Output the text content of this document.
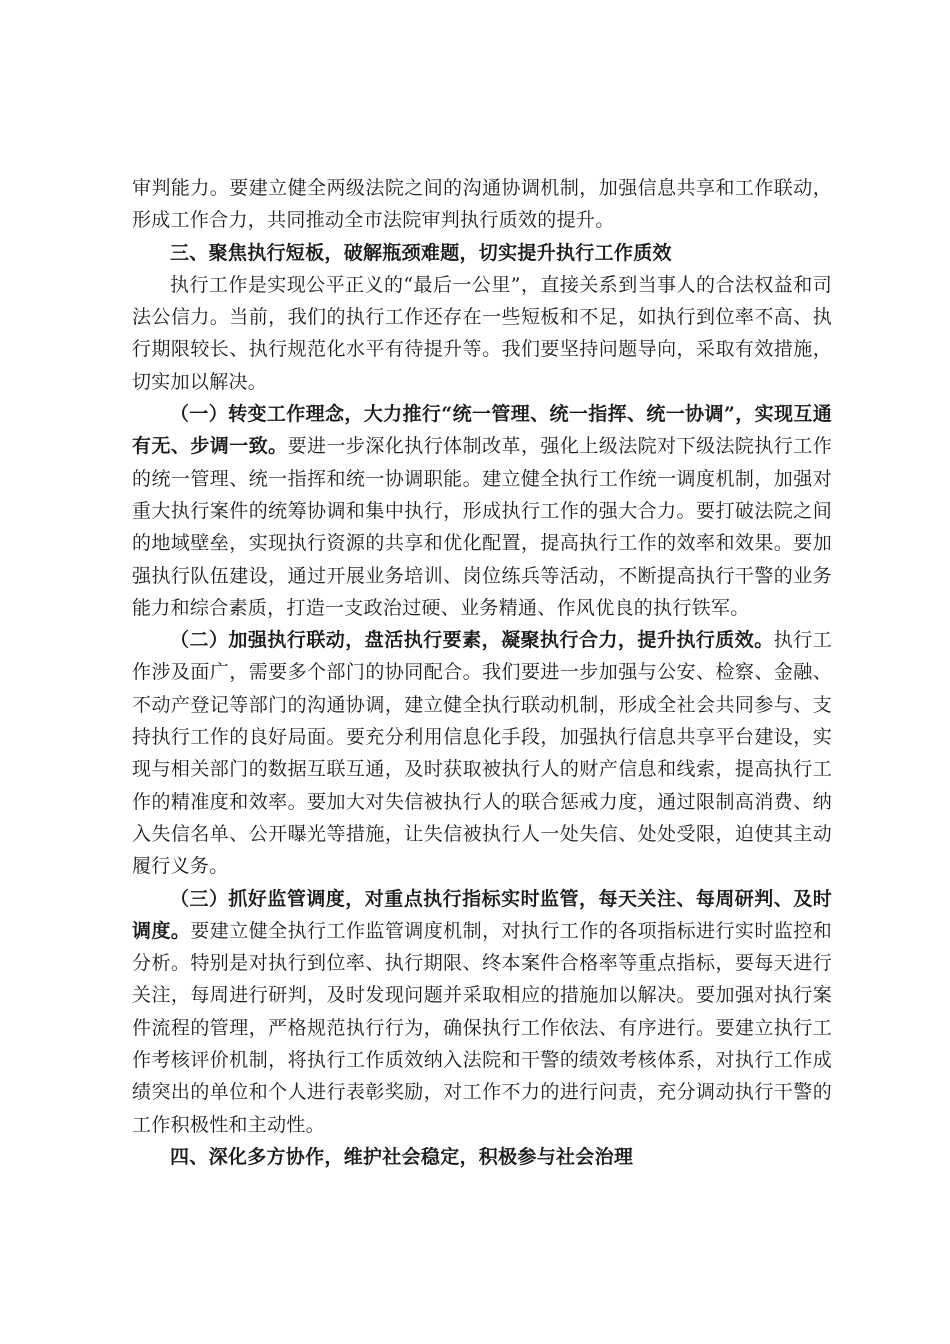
审判能力。要建立健全两级法院之间的沟通协调机制，加强信息共享和工作联动，形成工作合力，共同推动全市法院审判执行质效的提升。

三、聚焦执行短板，破解瓶颈难题，切实提升执行工作质效

执行工作是实现公平正义的“最后一公里”，直接关系到当事人的合法权益和司法公信力。当前，我们的执行工作还存在一些短板和不足，如执行到位率不高、执行期限较长、执行规范化水平有待提升等。我们要坚持问题导向，采取有效措施，切实加以解决。

（一）转变工作理念，大力推行“统一管理、统一指挥、统一协调”，实现互通有无、步调一致。要进一步深化执行体制改革，强化上级法院对下级法院执行工作的统一管理、统一指挥和统一协调职能。建立健全执行工作统一调度机制，加强对重大执行案件的统筹协调和集中执行，形成执行工作的强大合力。要打破法院之间的地域壁垒，实现执行资源的共享和优化配置，提高执行工作的效率和效果。要加强执行队伍建设，通过开展业务培训、岗位练兵等活动，不断提高执行干警的业务能力和综合素质，打造一支政治过硬、业务精通、作风优良的执行铁军。

（二）加强执行联动，盘活执行要素，凝聚执行合力，提升执行质效。执行工作涉及面广，需要多个部门的协同配合。我们要进一步加强与公安、检察、金融、不动产登记等部门的沟通协调，建立健全执行联动机制，形成全社会共同参与、支持执行工作的良好局面。要充分利用信息化手段，加强执行信息共享平台建设，实现与相关部门的数据互联互通，及时获取被执行人的财产信息和线索，提高执行工作的精准度和效率。要加大对失信被执行人的联合惩戒力度，通过限制高消费、纳入失信名单、公开曝光等措施，让失信被执行人一处失信、处处受限，迫使其主动履行义务。

（三）抓好监管调度，对重点执行指标实时监管，每天关注、每周研判、及时调度。要建立健全执行工作监管调度机制，对执行工作的各项指标进行实时监控和分析。特别是对执行到位率、执行期限、终本案件合格率等重点指标，要每天进行关注，每周进行研判，及时发现问题并采取相应的措施加以解决。要加强对执行案件流程的管理，严格规范执行行为，确保执行工作依法、有序进行。要建立执行工作考核评价机制，将执行工作质效纳入法院和干警的绩效考核体系，对执行工作成绩突出的单位和个人进行表彰奖励，对工作不力的进行问责，充分调动执行干警的工作积极性和主动性。

四、深化多方协作，维护社会稳定，积极参与社会治理
